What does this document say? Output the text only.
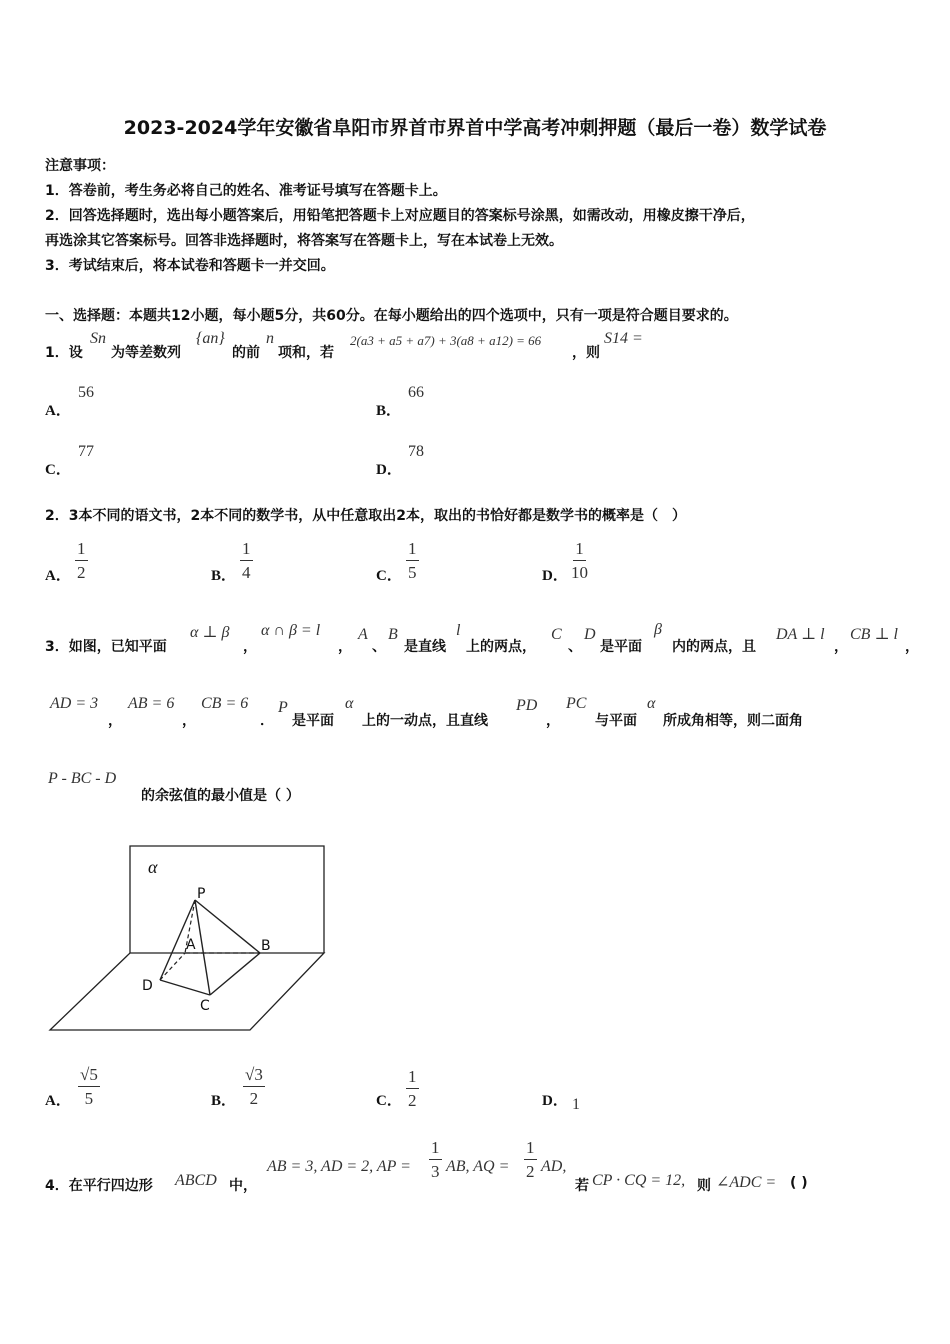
2023-2024学年安徽省阜阳市界首市界首中学高考冲刺押题（最后一卷）数学试卷
注意事项：
1．答卷前，考生务必将自己的姓名、准考证号填写在答题卡上。
2．回答选择题时，选出每小题答案后，用铅笔把答题卡上对应题目的答案标号涂黑，如需改动，用橡皮擦干净后，
再选涂其它答案标号。回答非选择题时，将答案写在答题卡上，写在本试卷上无效。
3．考试结束后，将本试卷和答题卡一并交回。
一、选择题：本题共12小题，每小题5分，共60分。在每小题给出的四个选项中，只有一项是符合题目要求的。
1．设
Sn
为等差数列
{an}
的前
n
项和，若
2(a3 + a5 + a7) + 3(a8 + a12) = 66
，则
S14 =
A．
56
B．
66
C．
77
D．
78
2．3本不同的语文书，2本不同的数学书，从中任意取出2本，取出的书恰好都是数学书的概率是（　）
A． $\frac{1}{2}$	B． $\frac{1}{4}$	C． $\frac{1}{5}$	D． $\frac{1}{10}$
3．如图，已知平面
α ⊥ β
，
α ∩ β = l
，
A
、
B
是直线
l
上的两点，
C
、
D
是平面
β
内的两点，且
DA ⊥ l
，
CB ⊥ l
，
AD = 3
，
AB = 6
，
CB = 6
．
P
是平面
α
上的一动点，且直线
PD
，
PC
与平面
α
所成角相等，则二面角
P - BC - D
的余弦值的最小值是（ ）
α
P
A	B
C
D
A． $\frac{√5}{5}$	B． $\frac{√3}{2}$	C． $\frac{1}{2}$	D． 1
4．在平行四边形 ABCD 中，
AB = 3, AD = 2, AP = $\frac{1}{3}$ AB, AQ = $\frac{1}{2}$ AD,
若 CP · CQ = 12, 则 ∠ADC = ( )
